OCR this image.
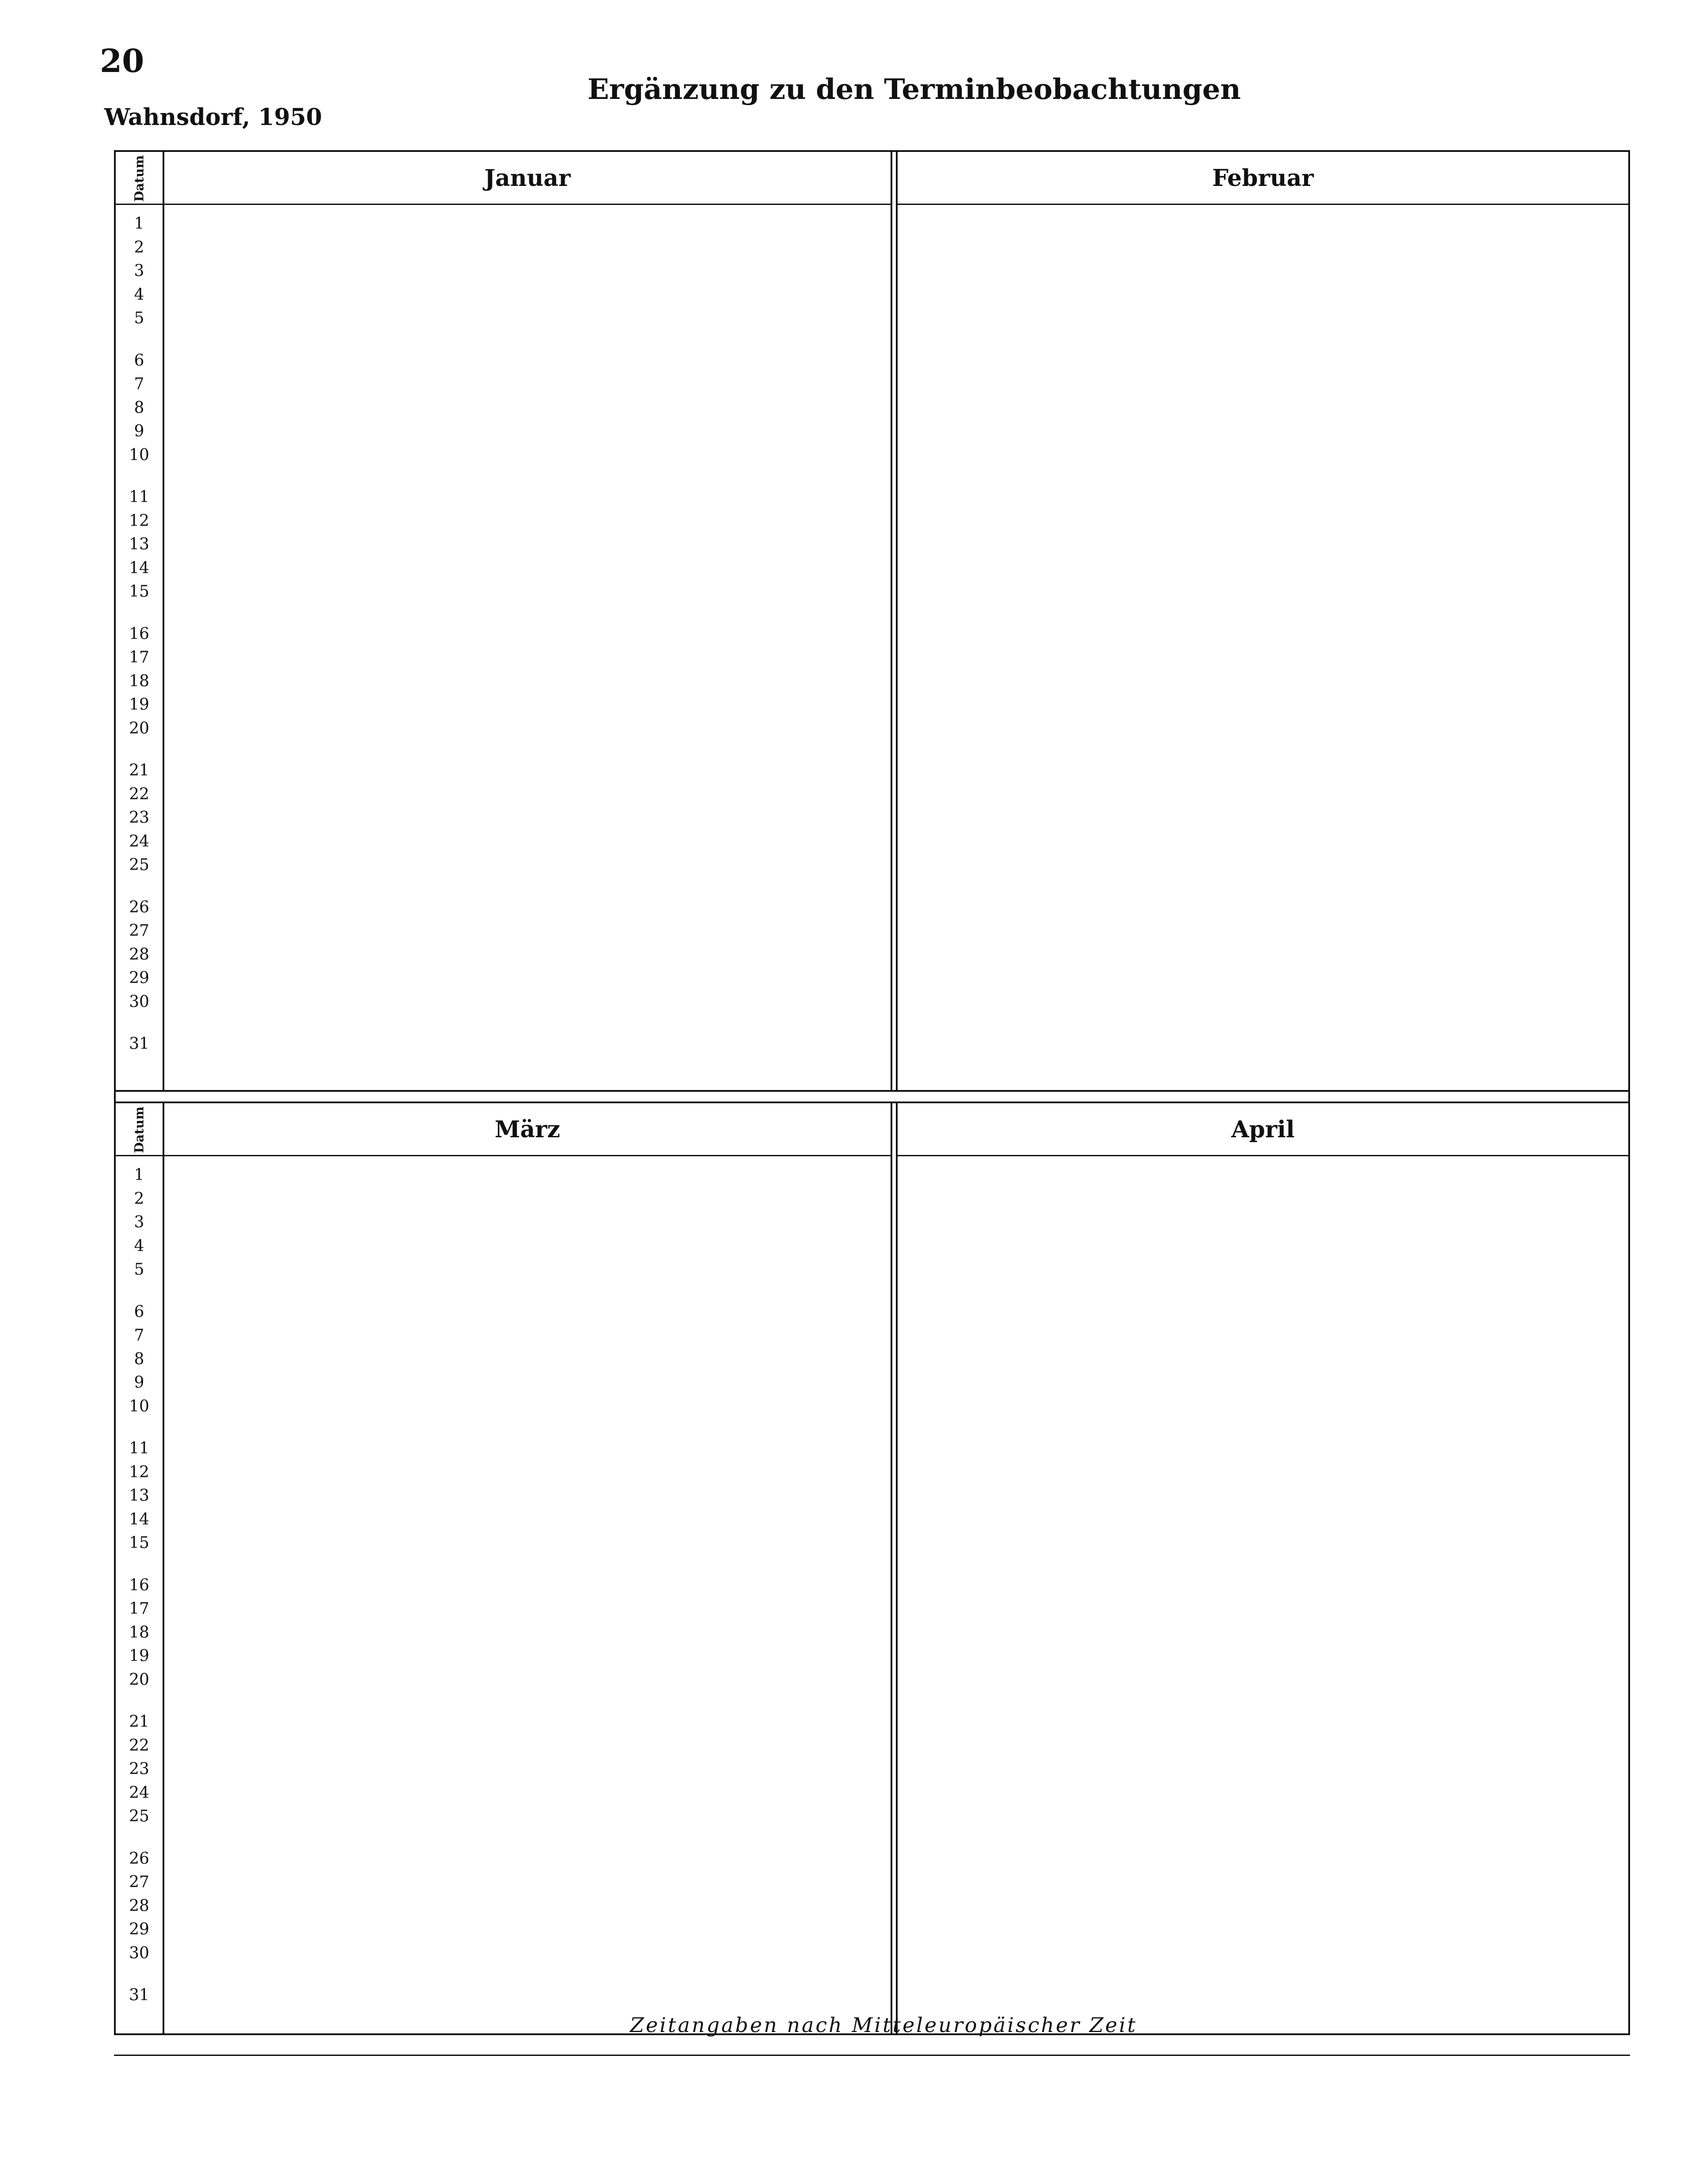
20
Wahnsdorf, 1950
Ergänzung zu den Terminbeobachtungen
Datum
1
2
3
4
5
6
7
8
9
10
11
12
13
14
15
16
17
18
19
20
21
22
23
24
25
26
27
28
29
30
31
Januar	Februar
Datum
1
2
3
4
5
6
7
8
9
10
11
12
13
14
15
16
17
18
19
20
21
22
23
24
25
26
27
28
29
30
31
März	April
Zeitangaben nach Mitteleuropäischer Zeit
